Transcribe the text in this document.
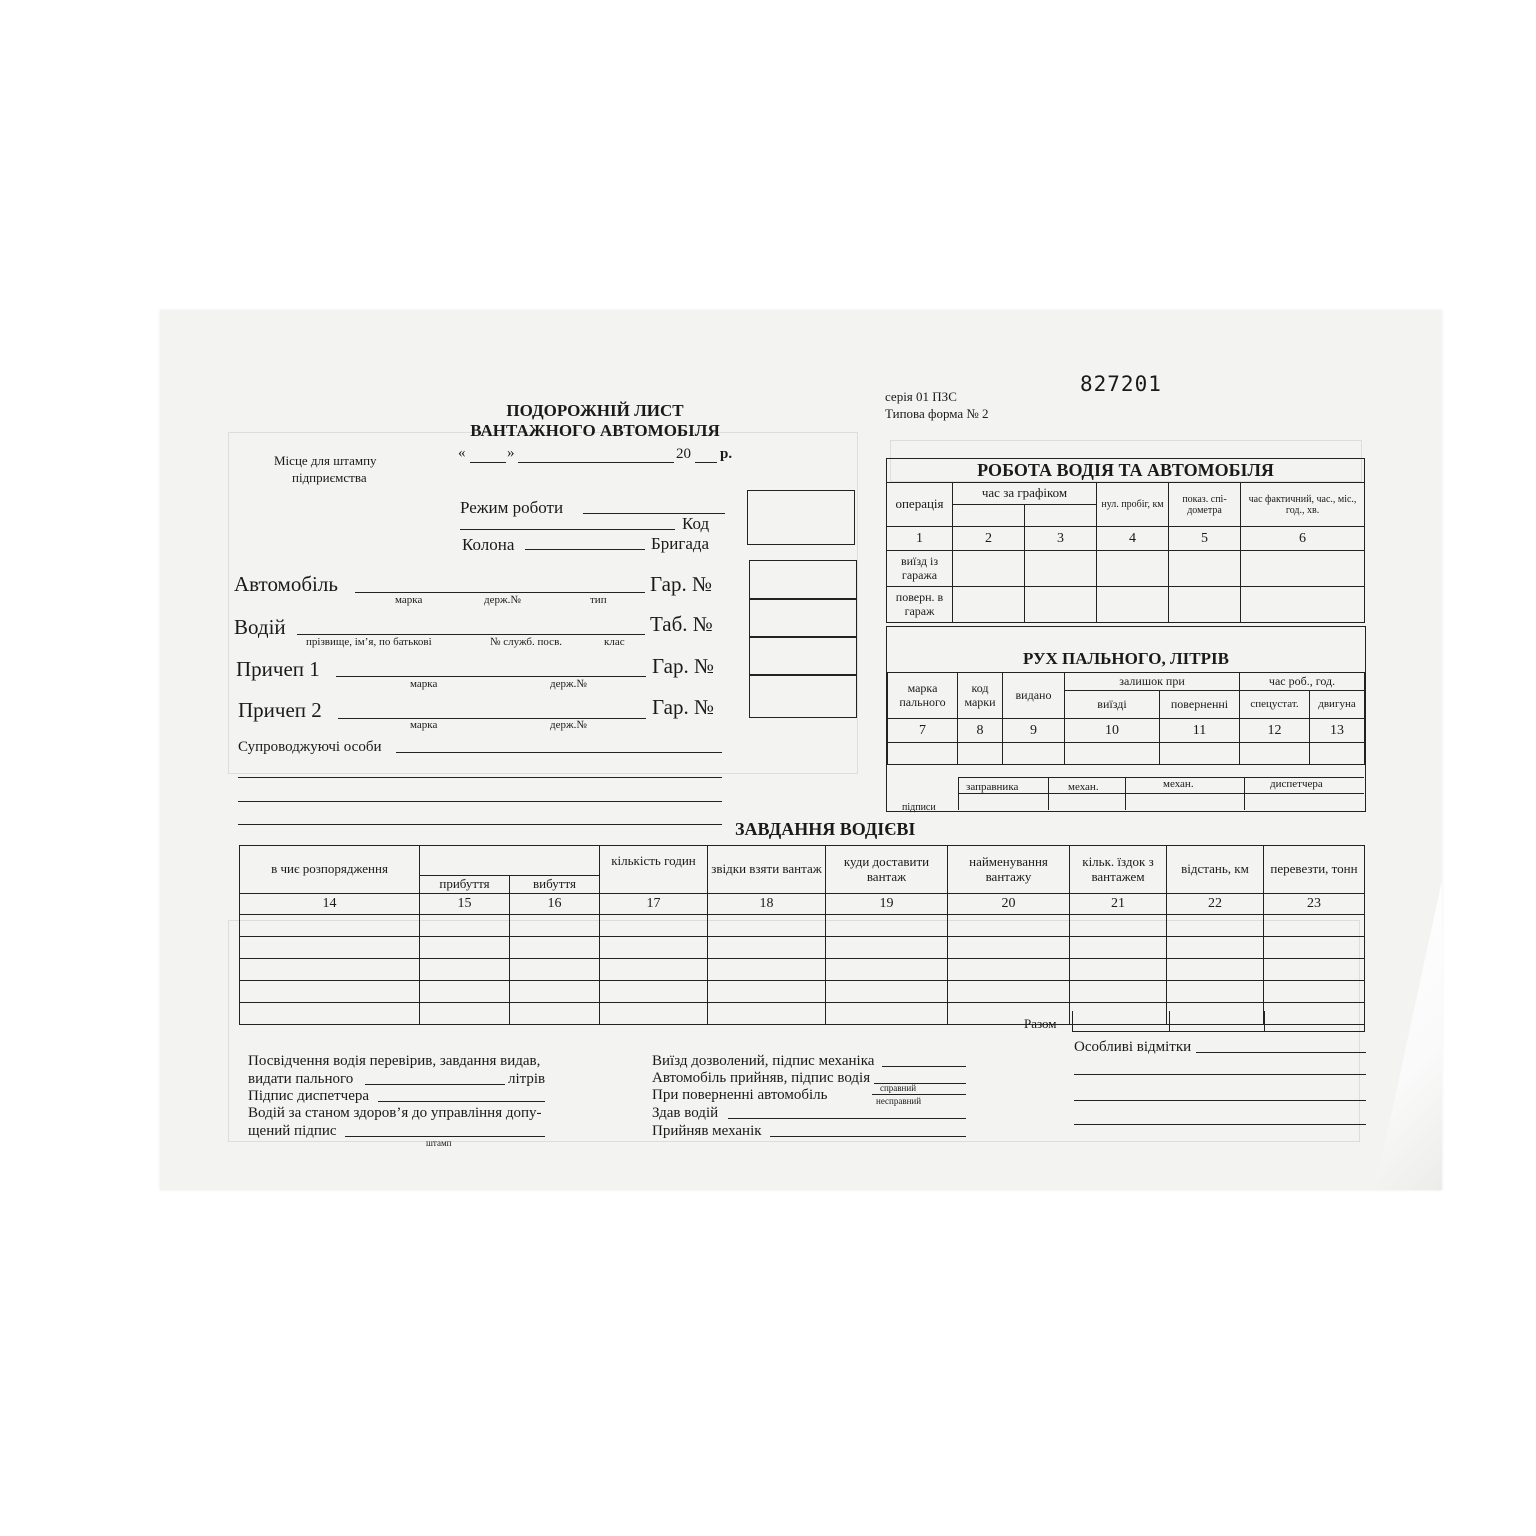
827201
серія 01 ПЗС
Типова форма № 2
ПОДОРОЖНІЙ ЛИСТ
ВАНТАЖНОГО АВТОМОБІЛЯ
Місце для штампу
підприємства
«	»	20 р.
Режим роботи
Код
Колона	Бригада
Автомобіль
марка	держ.№	тип
Гар. №
Водій
прізвище, ім’я, по батькові	№ служб. посв.	клас
Таб. №
Причеп 1
марка	держ.№
Гар. №
Причеп 2
марка	держ.№
Гар. №
Супроводжуючі особи
РОБОТА ВОДІЯ ТА АВТОМОБІЛЯ					
операція	час за графіком		нул. пробіг, км	показ. спі-дометра	час фактичний, час., міс., год., хв.

1	2	3	4	5	6
виїзд із гаража					
поверн. в гараж					
РУХ ПАЛЬНОГО, ЛІТРІВ
марка пального	код марки	видано	залишок при		час роб., год.	
			виїзді	поверненні	спецустат.	двигуна
7	8	9	10	11	12	13

підписи
заправника	механ.	механ.	диспетчера
ЗАВДАННЯ ВОДІЄВІ
в чиє розпорядження			кількість годин	звідки взяти вантаж	куди доставити вантаж	найменування вантажу	кільк. їздок з вантажем	відстань, км	перевезти, тонн
	прибуття	вибуття							
14	15	16	17	18	19	20	21	22	23

Разом
Посвідчення водія перевірив, завдання видав,
видати пального	літрів
Підпис диспетчера
Водій за станом здоров’я до управління допу-
щений підпис
штамп
Виїзд дозволений, підпис механіка
Автомобіль прийняв, підпис водія
При поверненні автомобіль	справний
несправний
Здав водій
Прийняв механік
Особливі відмітки
